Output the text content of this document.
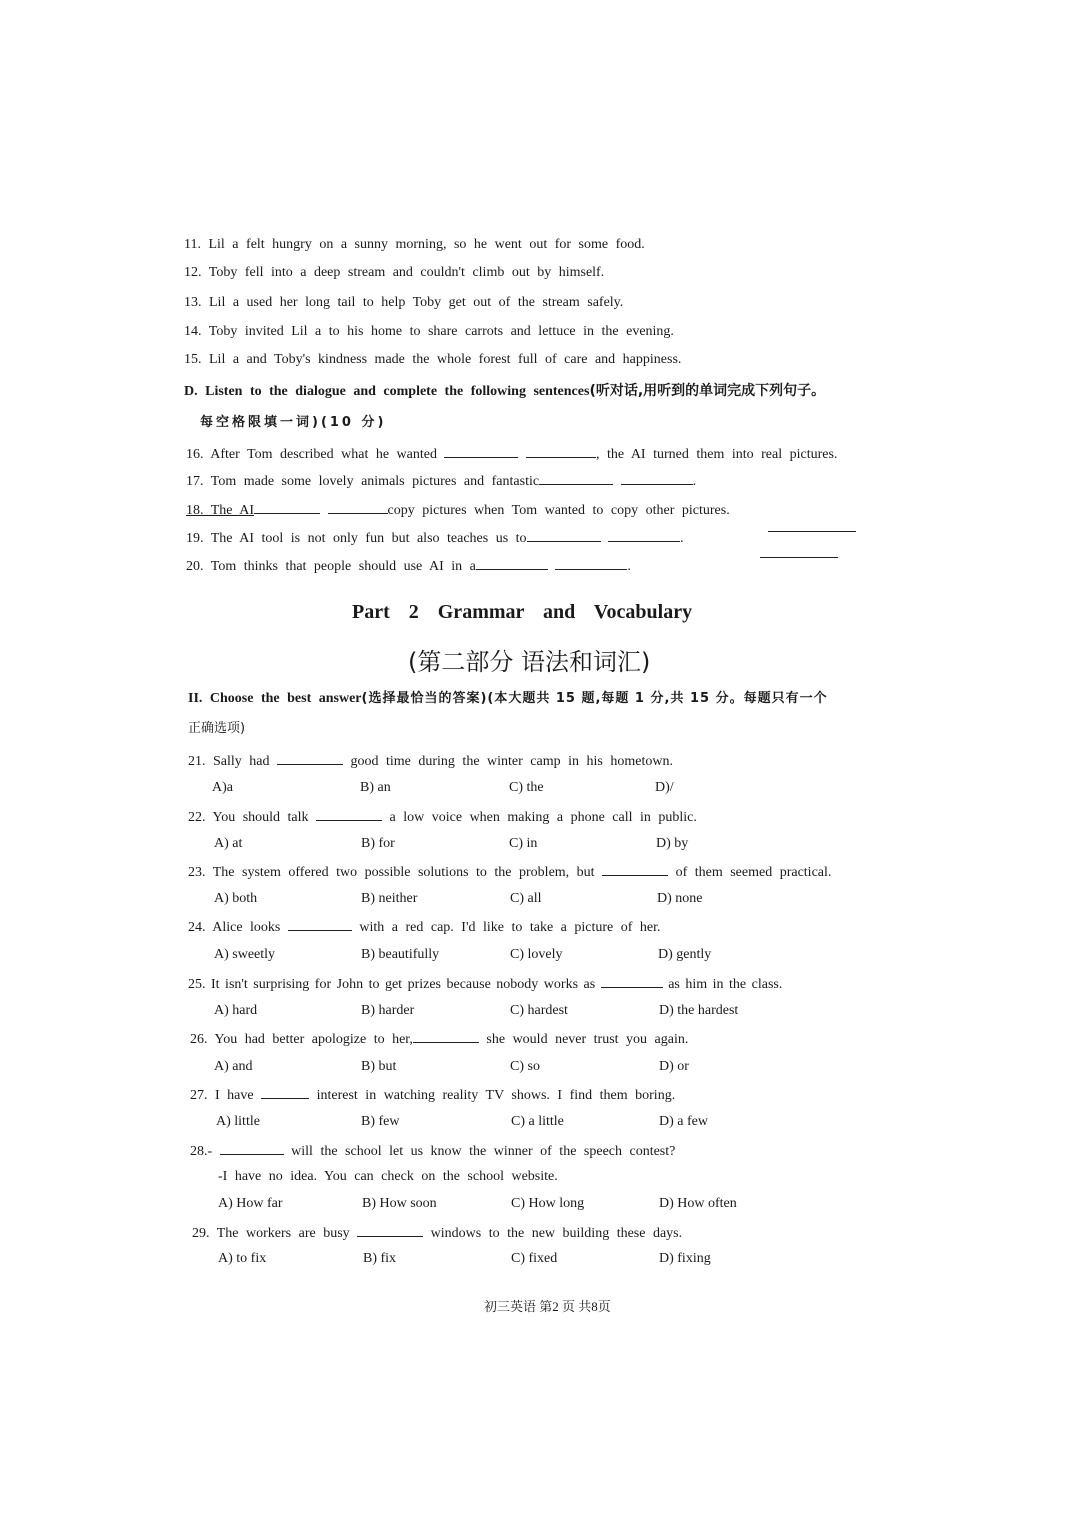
11. Lil a felt hungry on a sunny morning, so he went out for some food.
12. Toby fell into a deep stream and couldn't climb out by himself.
13. Lil a used her long tail to help Toby get out of the stream safely.
14. Toby invited Lil a to his home to share carrots and lettuce in the evening.
15. Lil a and Toby's kindness made the whole forest full of care and happiness.
D. Listen to the dialogue and complete the following sentences(听对话,用听到的单词完成下列句子。
每空格限填一词)(10 分)
16. After Tom described what he wanted	, the AI turned them into real pictures.
17. Tom made some lovely animals pictures and fantastic	.
18. The AI	copy pictures when Tom wanted to copy other pictures.
19. The AI tool is not only fun but also teaches us to	.
20. Tom thinks that people should use AI in a	.
Part 2 Grammar and Vocabulary
(第二部分 语法和词汇)
II. Choose the best answer(选择最恰当的答案)(本大题共 15 题,每题 1 分,共 15 分。每题只有一个
正确选项)
21. Sally had	good time during the winter camp in his hometown.
A)a	B) an	C) the	D)/
22. You should talk	a low voice when making a phone call in public.
A) at	B) for	C) in	D) by
23. The system offered two possible solutions to the problem, but	of them seemed practical.
A) both	B) neither	C) all	D) none
24. Alice looks	with a red cap. I'd like to take a picture of her.
A) sweetly	B) beautifully	C) lovely	D) gently
25. It isn't surprising for John to get prizes because nobody works as	as him in the class.
A) hard	B) harder	C) hardest	D) the hardest
26. You had better apologize to her,	she would never trust you again.
A) and	B) but	C) so	D) or
27. I have	interest in watching reality TV shows. I find them boring.
A) little	B) few	C) a little	D) a few
28.-	will the school let us know the winner of the speech contest?
-I have no idea. You can check on the school website.
A) How far	B) How soon	C) How long	D) How often
29. The workers are busy	windows to the new building these days.
A) to fix	B) fix	C) fixed	D) fixing
初三英语 第2 页 共8页
